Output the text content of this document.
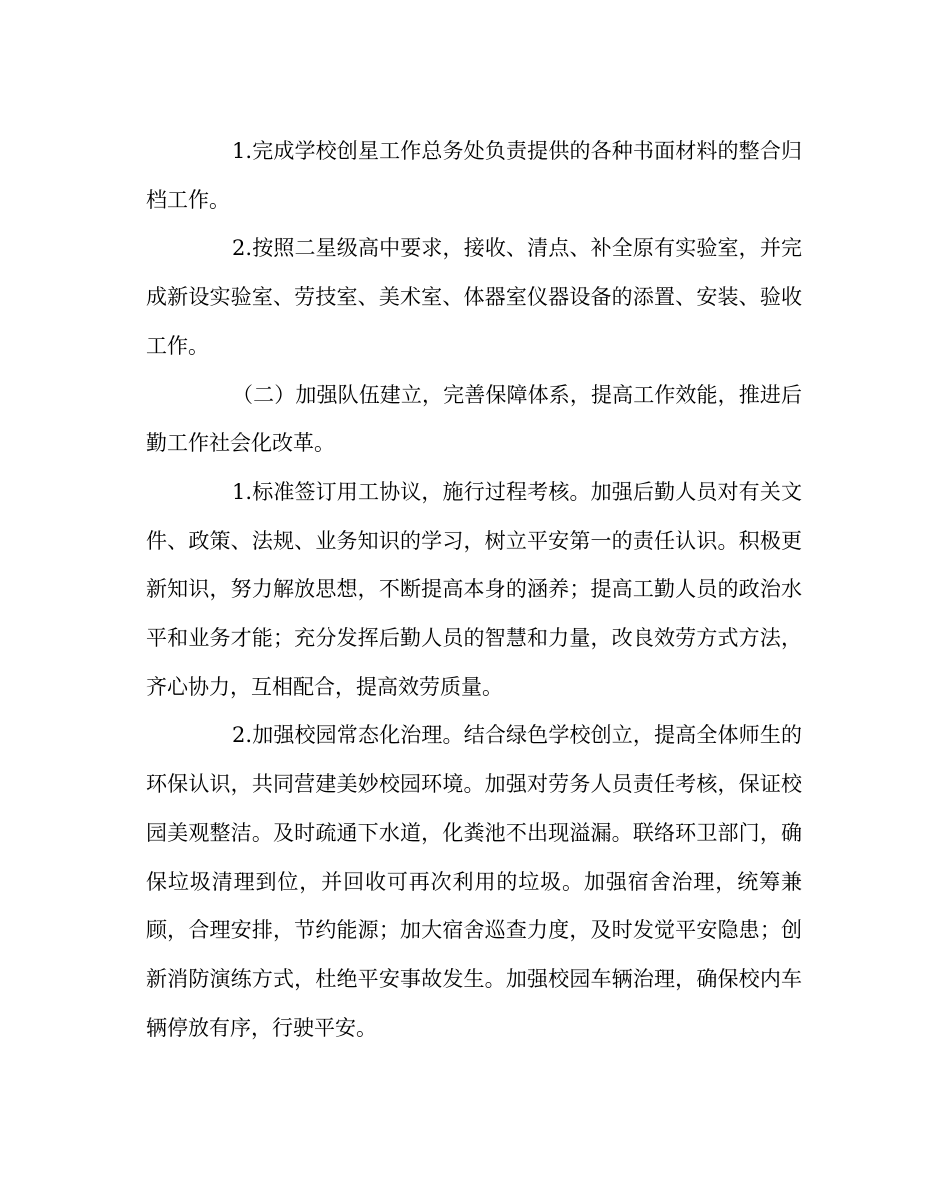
1.完成学校创星工作总务处负责提供的各种书面材料的整合归档工作。

2.按照二星级高中要求，接收、清点、补全原有实验室，并完成新设实验室、劳技室、美术室、体器室仪器设备的添置、安装、验收工作。

（二）加强队伍建立，完善保障体系，提高工作效能，推进后勤工作社会化改革。

1.标准签订用工协议，施行过程考核。加强后勤人员对有关文件、政策、法规、业务知识的学习，树立平安第一的责任认识。积极更新知识，努力解放思想，不断提高本身的涵养；提高工勤人员的政治水平和业务才能；充分发挥后勤人员的智慧和力量，改良效劳方式方法，齐心协力，互相配合，提高效劳质量。

2.加强校园常态化治理。结合绿色学校创立，提高全体师生的环保认识，共同营建美妙校园环境。加强对劳务人员责任考核，保证校园美观整洁。及时疏通下水道，化粪池不出现溢漏。联络环卫部门，确保垃圾清理到位，并回收可再次利用的垃圾。加强宿舍治理，统筹兼顾，合理安排，节约能源；加大宿舍巡查力度，及时发觉平安隐患；创新消防演练方式，杜绝平安事故发生。加强校园车辆治理，确保校内车辆停放有序，行驶平安。
